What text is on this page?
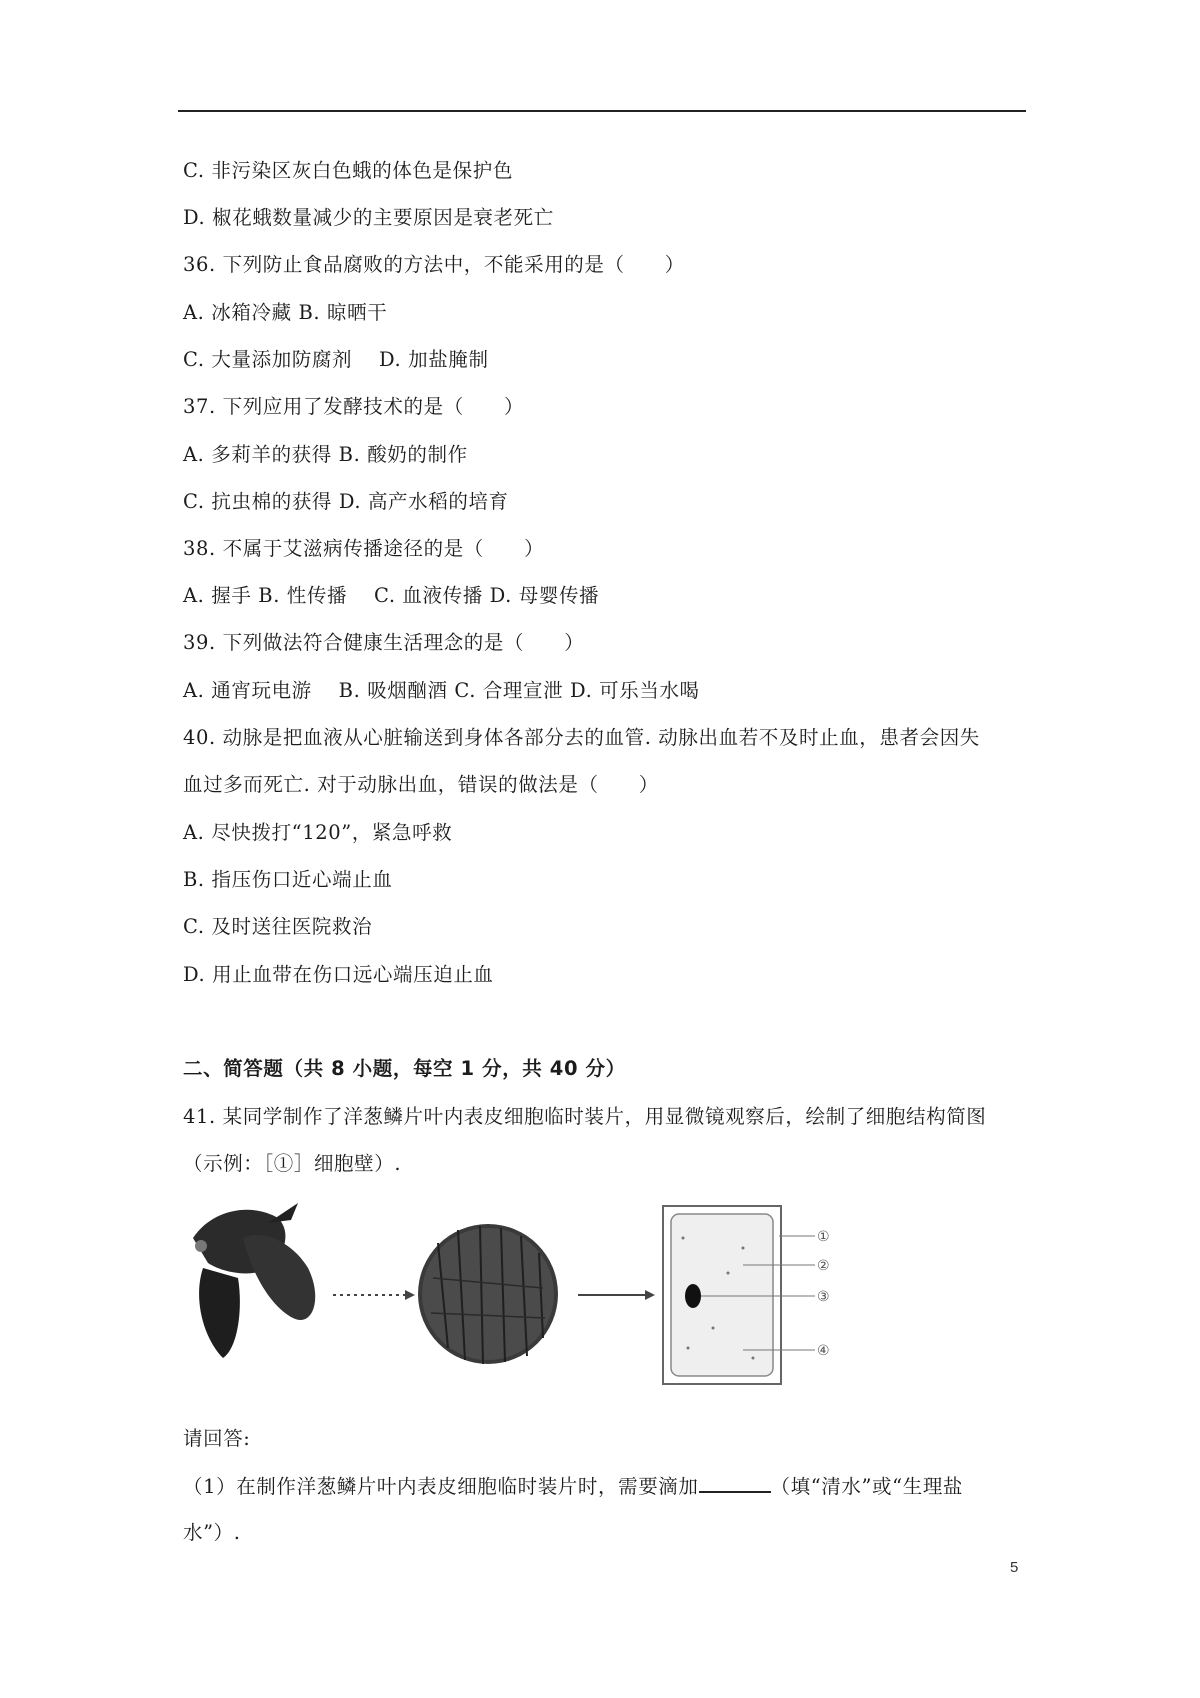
C. 非污染区灰白色蛾的体色是保护色
D. 椒花蛾数量减少的主要原因是衰老死亡
36. 下列防止食品腐败的方法中，不能采用的是（　　）
A. 冰箱冷藏 B. 晾晒干
C. 大量添加防腐剂　 D. 加盐腌制
37. 下列应用了发酵技术的是（　　）
A. 多莉羊的获得 B. 酸奶的制作
C. 抗虫棉的获得 D. 高产水稻的培育
38. 不属于艾滋病传播途径的是（　　）
A. 握手 B. 性传播　 C. 血液传播 D. 母婴传播
39. 下列做法符合健康生活理念的是（　　）
A. 通宵玩电游　 B. 吸烟酗酒 C. 合理宣泄 D. 可乐当水喝
40. 动脉是把血液从心脏输送到身体各部分去的血管. 动脉出血若不及时止血，患者会因失
血过多而死亡. 对于动脉出血，错误的做法是（　　）
A. 尽快拨打“120”，紧急呼救
B. 指压伤口近心端止血
C. 及时送往医院救治
D. 用止血带在伤口远心端压迫止血
二、简答题（共 8 小题，每空 1 分，共 40 分）
41. 某同学制作了洋葱鳞片叶内表皮细胞临时装片，用显微镜观察后，绘制了细胞结构简图
（示例：［①］细胞壁）.
①
②
③
④
请回答:
（1）在制作洋葱鳞片叶内表皮细胞临时装片时，需要滴加	（填“清水”或“生理盐
水”）.
5
